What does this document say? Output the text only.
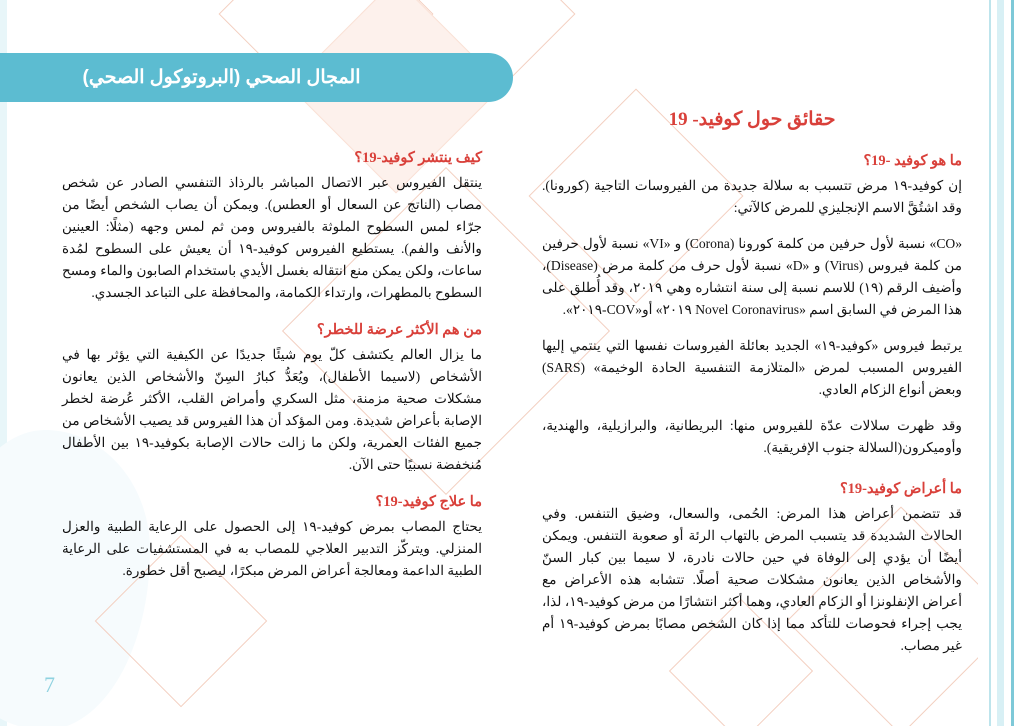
المجال الصحي (البروتوكول الصحي)
حقائق حول كوفيد- 19
ما هو كوفيد -19؟

إن كوفيد-١٩ مرض تتسبب به سلالة جديدة من الفيروسات التاجية (كورونا). وقد اشتُقَّ الاسم الإنجليزي للمرض كالآتي:

«CO» نسبة لأول حرفين من كلمة كورونا (Corona) و «VI» نسبة لأول حرفين من كلمة فيروس (Virus) و «D» نسبة لأول حرف من كلمة مرض (Disease)، وأضيف الرقم (١٩) للاسم نسبة إلى سنة انتشاره وهي ٢٠١٩، وقد أُطلق على هذا المرض في السابق اسم «Novel Coronavirus ٢٠١٩» أو«COV-٢٠١٩».

يرتبط فيروس «كوفيد-١٩» الجديد بعائلة الفيروسات نفسها التي ينتمي إليها الفيروس المسبب لمرض «المتلازمة التنفسية الحادة الوخيمة» (SARS) وبعض أنواع الزكام العادي.

وقد ظهرت سلالات عدّة للفيروس منها: البريطانية، والبرازيلية، والهندية، وأوميكرون(السلالة جنوب الإفريقية).

ما أعراض كوفيد-19؟

قد تتضمن أعراض هذا المرض: الحُمى، والسعال، وضيق التنفس. وفي الحالات الشديدة قد يتسبب المرض بالتهاب الرئة أو صعوبة التنفس. ويمكن أيضًا أن يؤدي إلى الوفاة في حين حالات نادرة، لا سيما بين كبار السنّ والأشخاص الذين يعانون مشكلات صحية أصلًا. تتشابه هذه الأعراض مع أعراض الإنفلونزا أو الزكام العادي، وهما أكثر انتشارًا من مرض كوفيد-١٩، لذا، يجب إجراء فحوصات للتأكد مما إذا كان الشخص مصابًا بمرض كوفيد-١٩ أم غير مصاب.

كيف ينتشر كوفيد-19؟

ينتقل الفيروس عبر الاتصال المباشر بالرذاذ التنفسي الصادر عن شخص مصاب (الناتج عن السعال أو العطس). ويمكن أن يصاب الشخص أيضًا من جرّاء لمس السطوح الملوثة بالفيروس ومن ثم لمس وجهه (مثلًا: العينين والأنف والفم). يستطيع الفيروس كوفيد-١٩ أن يعيش على السطوح لمُدة ساعات، ولكن يمكن منع انتقاله بغسل الأيدي باستخدام الصابون والماء ومسح السطوح بالمطهرات، وارتداء الكمامة، والمحافظة على التباعد الجسدي.

من هم الأكثر عرضة للخطر؟

ما يزال العالم يكتشف كلّ يوم شيئًا جديدًا عن الكيفية التي يؤثر بها في الأشخاص (لاسيما الأطفال)، ويُعَدُّ كبارُ السِنّ والأشخاص الذين يعانون مشكلات صحية مزمنة، مثل السكري وأمراض القلب، الأكثر عُرضة لخطر الإصابة بأعراض شديدة. ومن المؤكد أن هذا الفيروس قد يصيب الأشخاص من جميع الفئات العمرية، ولكن ما زالت حالات الإصابة بكوفيد-١٩ بين الأطفال مُنخفضة نسبيًا حتى الآن.

ما علاج كوفيد-19؟

يحتاج المصاب بمرض كوفيد-١٩ إلى الحصول على الرعاية الطبية والعزل المنزلي. ويتركّز التدبير العلاجي للمصاب به في المستشفيات على الرعاية الطبية الداعمة ومعالجة أعراض المرض مبكرًا، ليصبح أقل خطورة.

7
